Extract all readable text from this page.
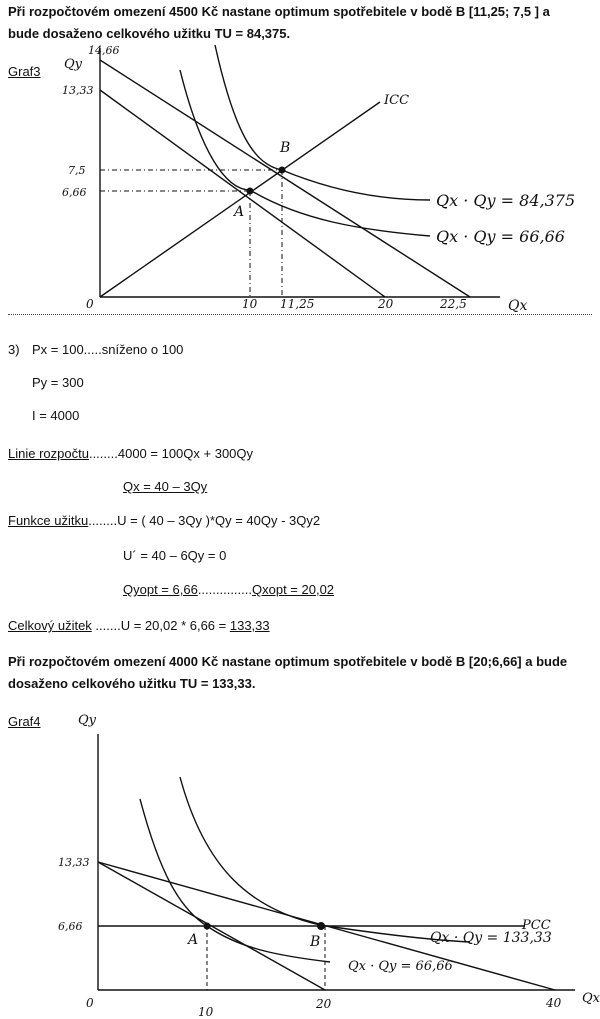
Při rozpočtovém omezení 4500 Kč nastane optimum spotřebitele v bodě B [11,25; 7,5 ] a
bude dosaženo celkového užitku TU = 84,375.
Graf3 Qy
14,66
13,33
7,5
6,66
0	10 11,25	20	22,5	Qx
A
B
ICC
Qx · Qy = 84,375
Qx · Qy = 66,66
3) Px = 100.....sníženo o 100
Py = 300
I = 4000
Linie rozpočtu........4000 = 100Qx + 300Qy
Qx = 40 – 3Qy
Funkce užitku........U = ( 40 – 3Qy )*Qy = 40Qy - 3Qy2
U´ = 40 – 6Qy = 0
Qyopt = 6,66...............Qxopt = 20,02
Celkový užitek .......U = 20,02 * 6,66 = 133,33
Při rozpočtovém omezení 4000 Kč nastane optimum spotřebitele v bodě B [20;6,66] a bude
dosaženo celkového užitku TU = 133,33.
Graf4	Qy
13,33
6,66
0
10
20	40 Qx
A	B
PCC
Qx · Qy = 133,33
Qx · Qy = 66,66
